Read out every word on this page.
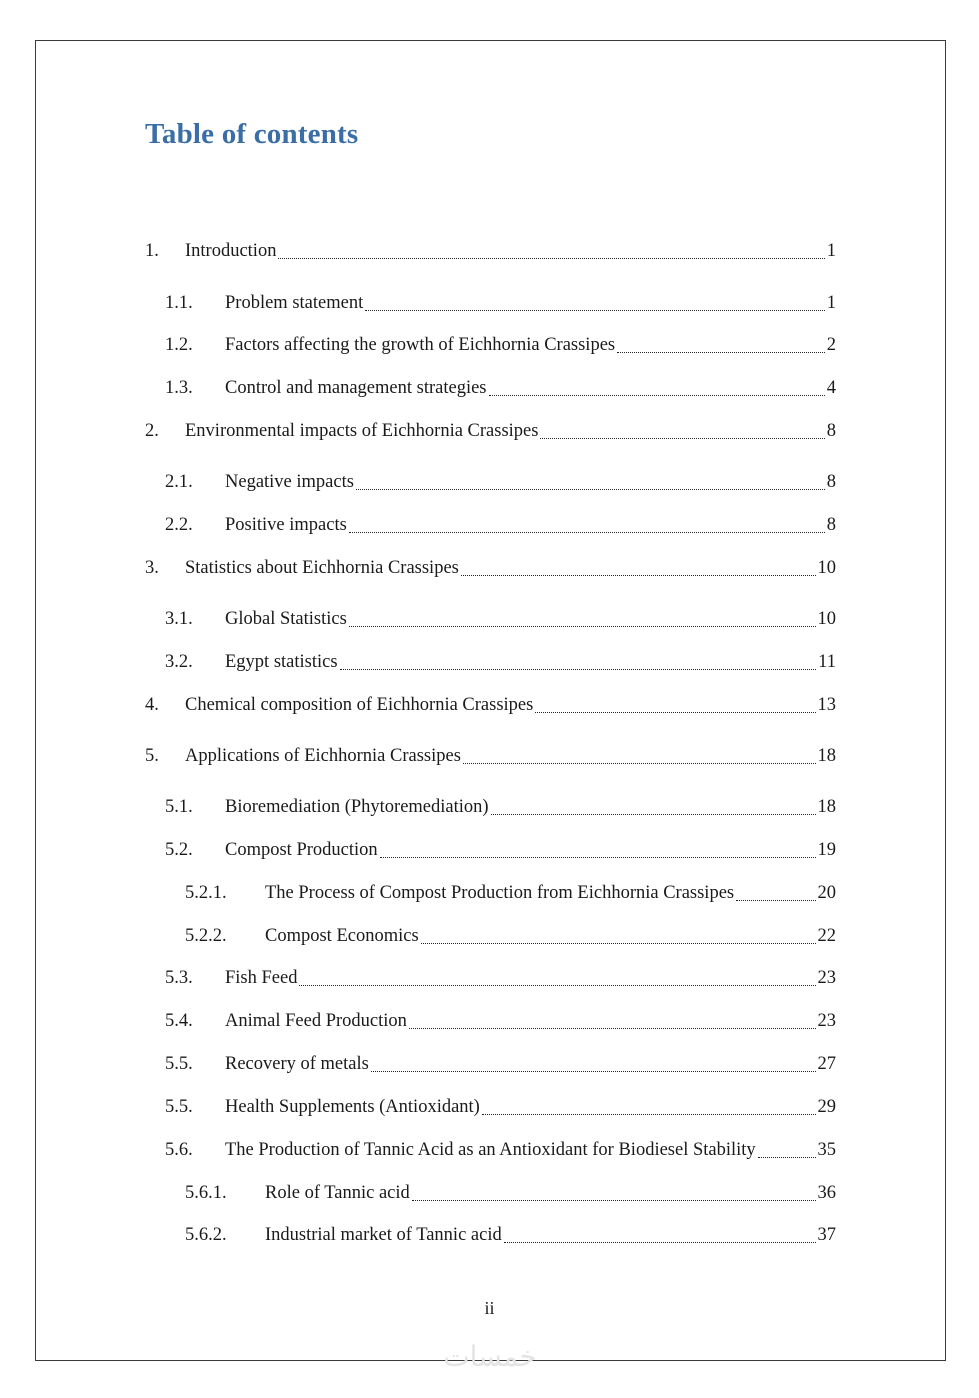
Table of contents
1.	Introduction	1
1.1.	Problem statement	1
1.2.	Factors affecting the growth of Eichhornia Crassipes	2
1.3.	Control and management strategies	4
2.	Environmental impacts of Eichhornia Crassipes	8
2.1.	Negative impacts	8
2.2.	Positive impacts	8
3.	Statistics about Eichhornia Crassipes	10
3.1.	Global Statistics	10
3.2.	Egypt statistics	11
4.	Chemical composition of Eichhornia Crassipes	13
5.	Applications of Eichhornia Crassipes	18
5.1.	Bioremediation (Phytoremediation)	18
5.2.	Compost Production	19
5.2.1.	The Process of Compost Production from Eichhornia Crassipes	20
5.2.2.	Compost Economics	22
5.3.	Fish Feed	23
5.4.	Animal Feed Production	23
5.5.	Recovery of metals	27
5.5.	Health Supplements (Antioxidant)	29
5.6.	The Production of Tannic Acid as an Antioxidant for Biodiesel Stability	35
5.6.1.	Role of Tannic acid	36
5.6.2.	Industrial market of Tannic acid	37
ii
خمسات
